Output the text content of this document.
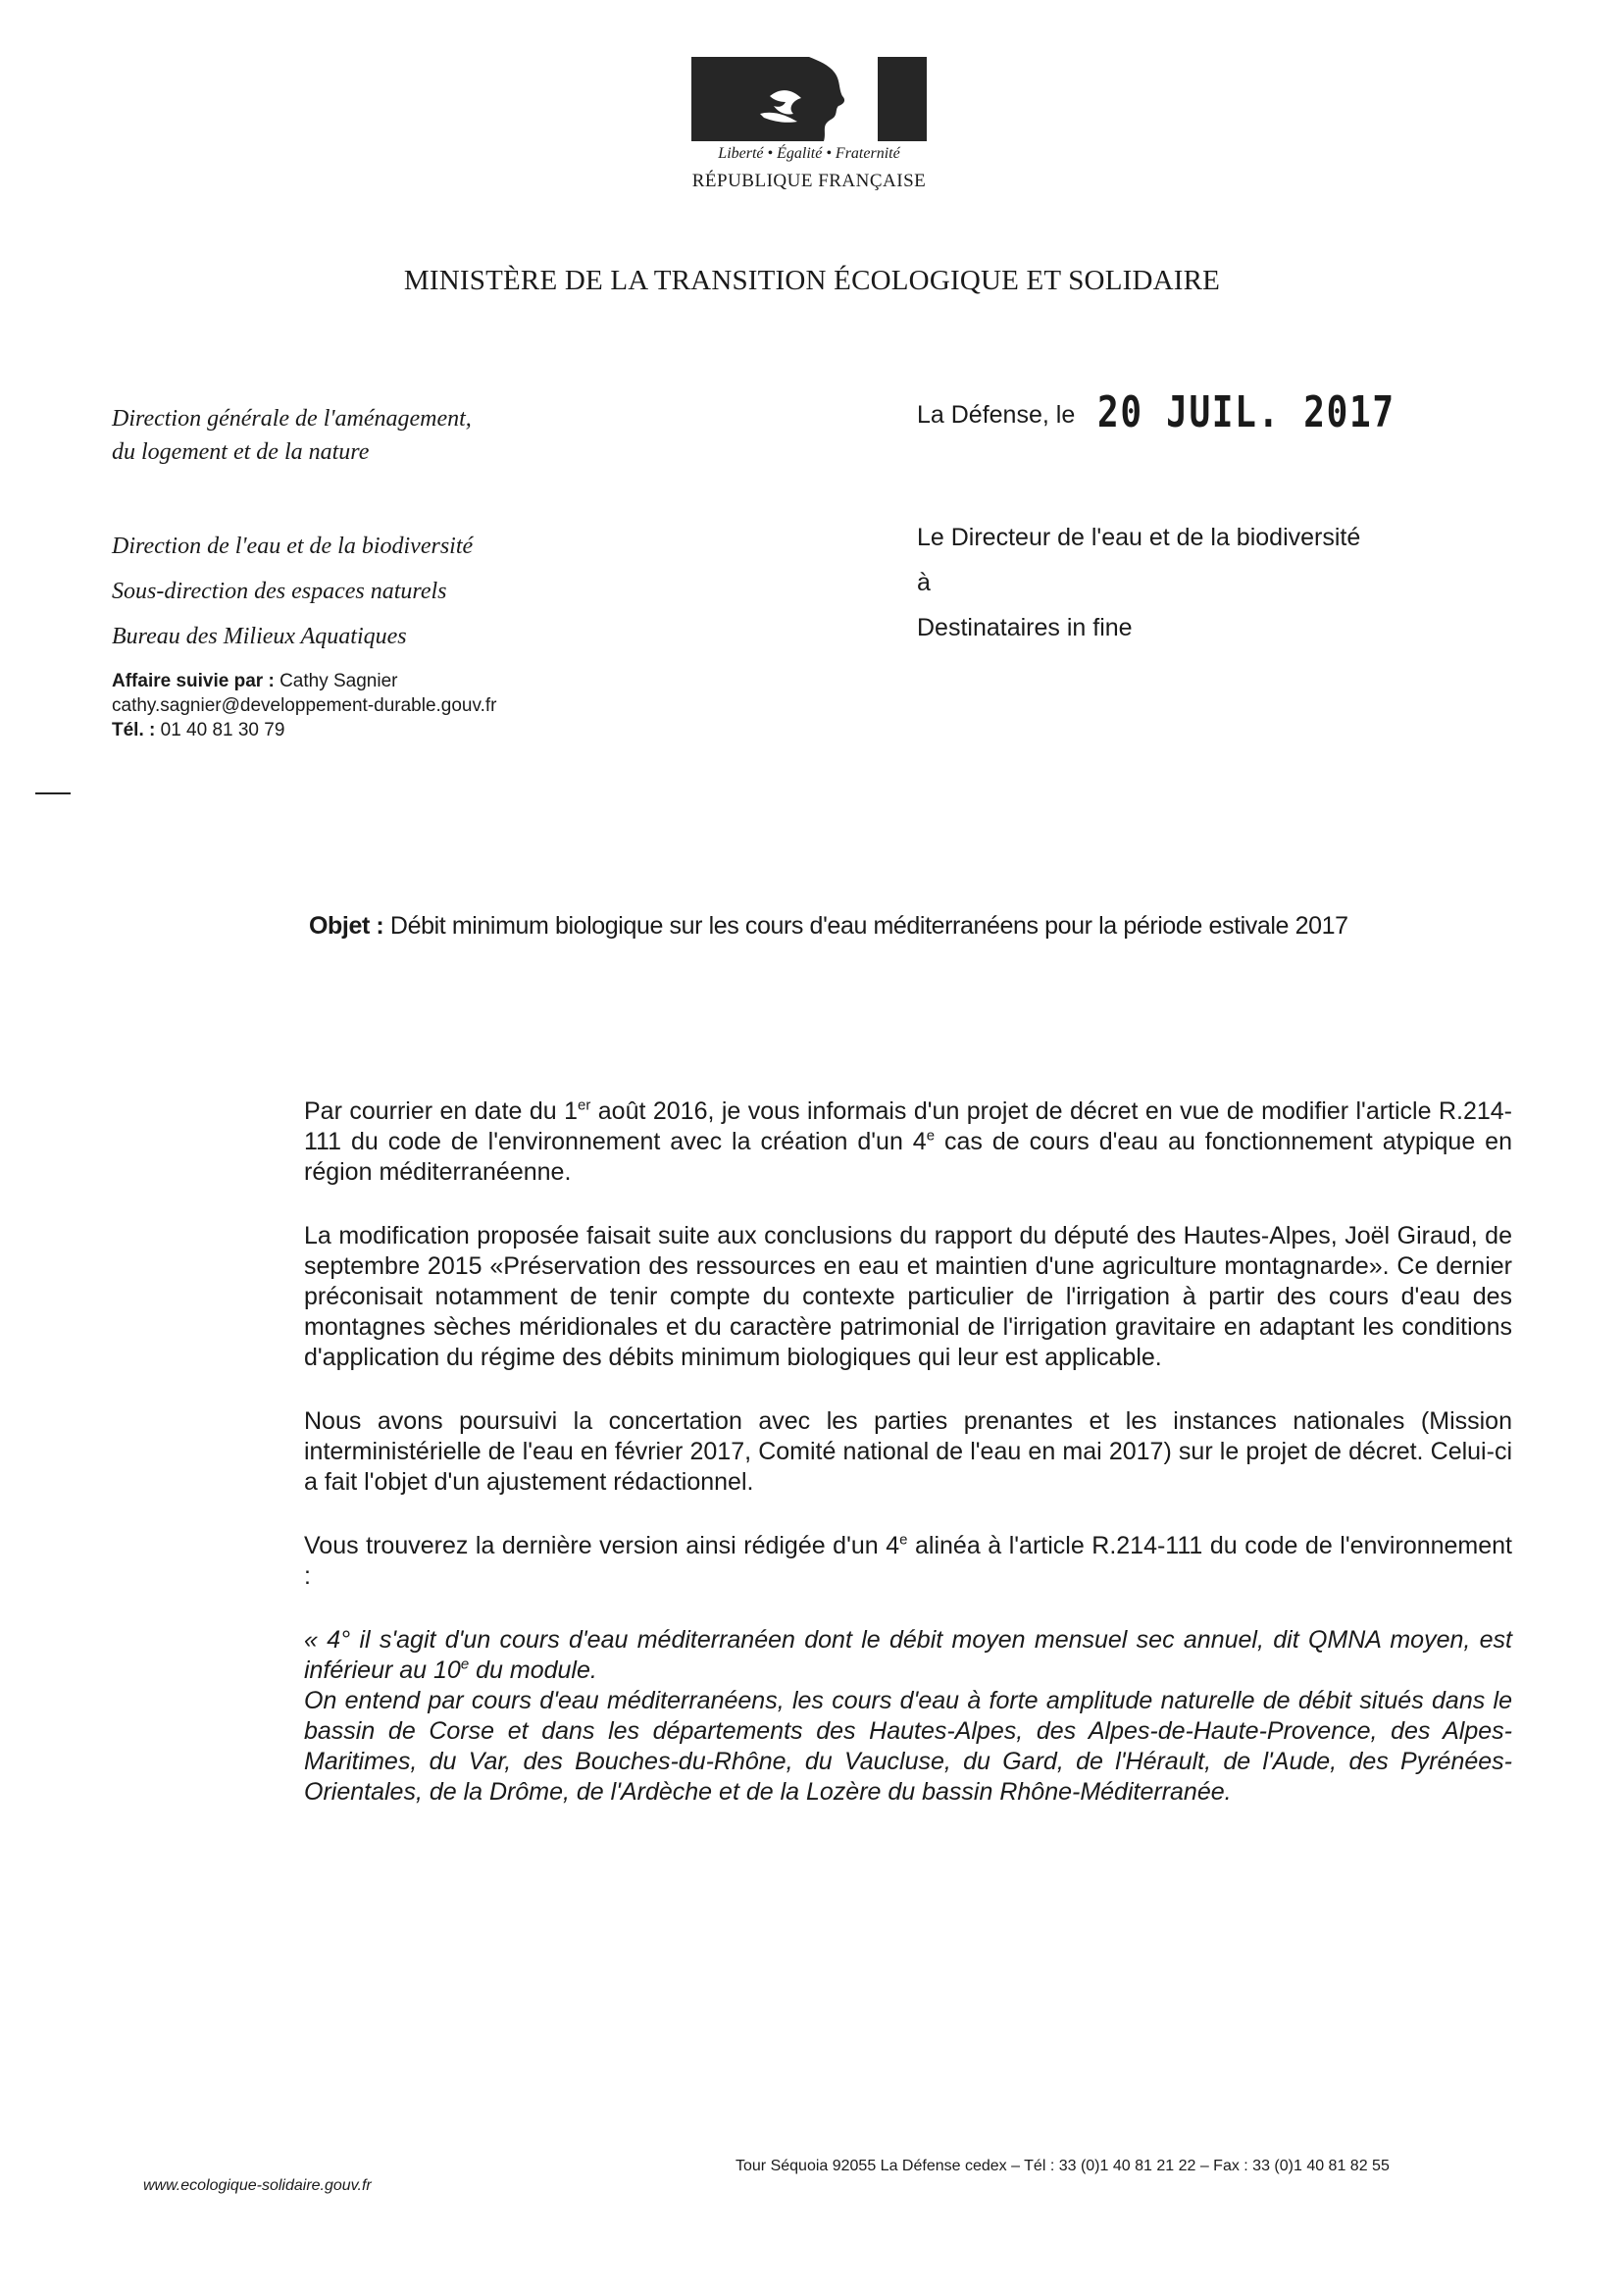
Liberté • Égalité • Fraternité
RÉPUBLIQUE FRANÇAISE
MINISTÈRE DE LA TRANSITION ÉCOLOGIQUE ET SOLIDAIRE
Direction générale de l'aménagement,
du logement et de la nature
Direction de l'eau et de la biodiversité
Sous-direction des espaces naturels
Bureau des Milieux Aquatiques
Affaire suivie par : Cathy Sagnier
cathy.sagnier@developpement-durable.gouv.fr
Tél. : 01 40 81 30 79
La Défense, le 20 JUIL. 2017
Le Directeur de l'eau et de la biodiversité
à
Destinataires in fine
Objet : Débit minimum biologique sur les cours d'eau méditerranéens pour la période estivale 2017

Par courrier en date du 1er août 2016, je vous informais d'un projet de décret en vue de modifier l'article R.214-111 du code de l'environnement avec la création d'un 4e cas de cours d'eau au fonctionnement atypique en région méditerranéenne.

La modification proposée faisait suite aux conclusions du rapport du député des Hautes-Alpes, Joël Giraud, de septembre 2015 «Préservation des ressources en eau et maintien d'une agriculture montagnarde». Ce dernier préconisait notamment de tenir compte du contexte particulier de l'irrigation à partir des cours d'eau des montagnes sèches méridionales et du caractère patrimonial de l'irrigation gravitaire en adaptant les conditions d'application du régime des débits minimum biologiques qui leur est applicable.

Nous avons poursuivi la concertation avec les parties prenantes et les instances nationales (Mission interministérielle de l'eau en février 2017, Comité national de l'eau en mai 2017) sur le projet de décret. Celui-ci a fait l'objet d'un ajustement rédactionnel.

Vous trouverez la dernière version ainsi rédigée d'un 4e alinéa à l'article R.214-111 du code de l'environnement :

« 4° il s'agit d'un cours d'eau méditerranéen dont le débit moyen mensuel sec annuel, dit QMNA moyen, est inférieur au 10e du module.

On entend par cours d'eau méditerranéens, les cours d'eau à forte amplitude naturelle de débit situés dans le bassin de Corse et dans les départements des Hautes-Alpes, des Alpes-de-Haute-Provence, des Alpes-Maritimes, du Var, des Bouches-du-Rhône, du Vaucluse, du Gard, de l'Hérault, de l'Aude, des Pyrénées-Orientales, de la Drôme, de l'Ardèche et de la Lozère du bassin Rhône-Méditerranée.

www.ecologique-solidaire.gouv.fr
Tour Séquoia 92055 La Défense cedex – Tél : 33 (0)1 40 81 21 22 – Fax : 33 (0)1 40 81 82 55
